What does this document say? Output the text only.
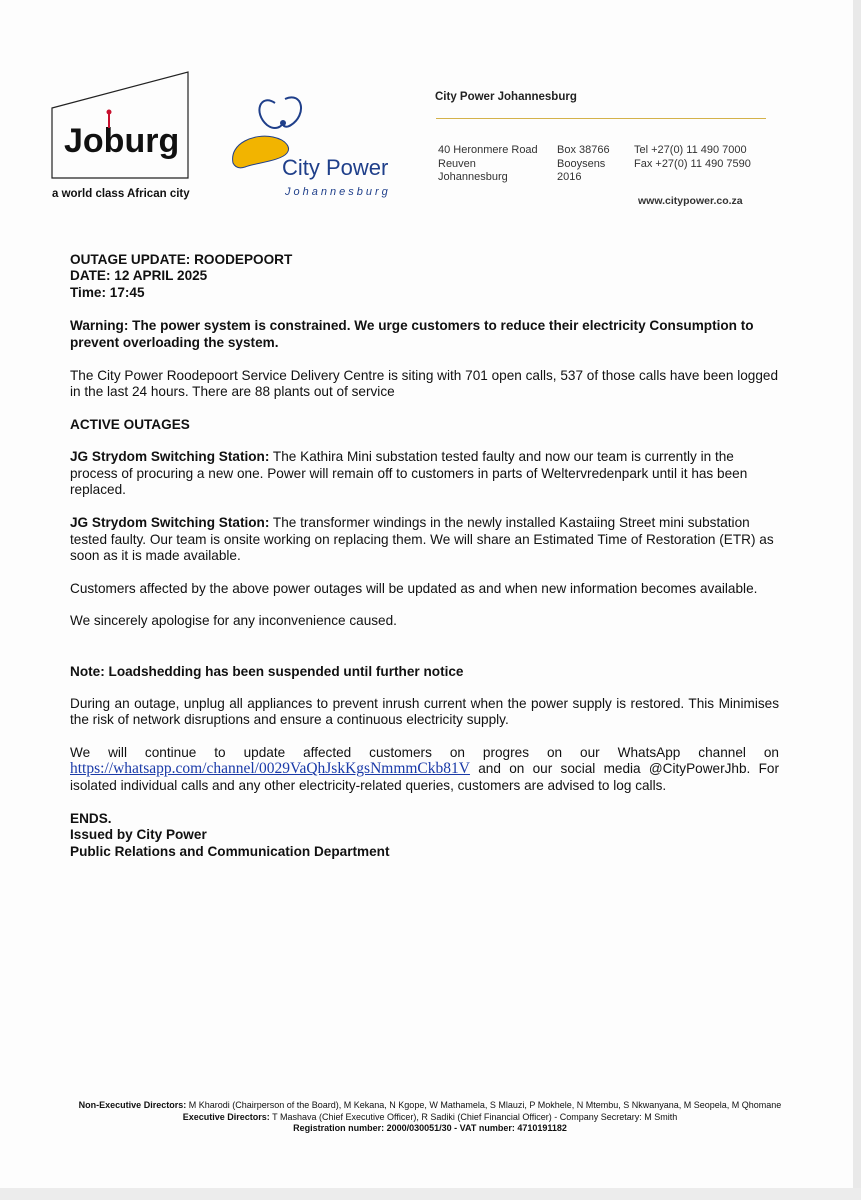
Joburg
a world class African city
City Power
Johannesburg
City Power Johannesburg
40 Heronmere Road
Reuven
Johannesburg
Box 38766
Booysens
2016
Tel +27(0) 11 490 7000
Fax +27(0) 11 490 7590
www.citypower.co.za

OUTAGE UPDATE: ROODEPOORT

DATE: 12 APRIL 2025

Time: 17:45

Warning: The power system is constrained. We urge customers to reduce their electricity Consumption to prevent overloading the system.

The City Power Roodepoort Service Delivery Centre is siting with 701 open calls, 537 of those calls have been logged in the last 24 hours. There are 88 plants out of service

ACTIVE OUTAGES

JG Strydom Switching Station: The Kathira Mini substation tested faulty and now our team is currently in the process of procuring a new one. Power will remain off to customers in parts of Weltervredenpark until it has been replaced.

JG Strydom Switching Station: The transformer windings in the newly installed Kastaiing Street mini substation tested faulty. Our team is onsite working on replacing them. We will share an Estimated Time of Restoration (ETR) as soon as it is made available.

Customers affected by the above power outages will be updated as and when new information becomes available.

We sincerely apologise for any inconvenience caused.

Note: Loadshedding has been suspended until further notice

During an outage, unplug all appliances to prevent inrush current when the power supply is restored. This Minimises the risk of network disruptions and ensure a continuous electricity supply.

We will continue to update affected customers on progres on our WhatsApp channel on https://whatsapp.com/channel/0029VaQhJskKgsNmmmCkb81V and on our social media @CityPowerJhb. For isolated individual calls and any other electricity-related queries, customers are advised to log calls.

ENDS.

Issued by City Power

Public Relations and Communication Department

Non-Executive Directors: M Kharodi (Chairperson of the Board), M Kekana, N Kgope, W Mathamela, S Mlauzi, P Mokhele, N Mtembu, S Nkwanyana, M Seopela, M Qhomane
Executive Directors: T Mashava (Chief Executive Officer), R Sadiki (Chief Financial Officer) - Company Secretary: M Smith
Registration number: 2000/030051/30 - VAT number: 4710191182
